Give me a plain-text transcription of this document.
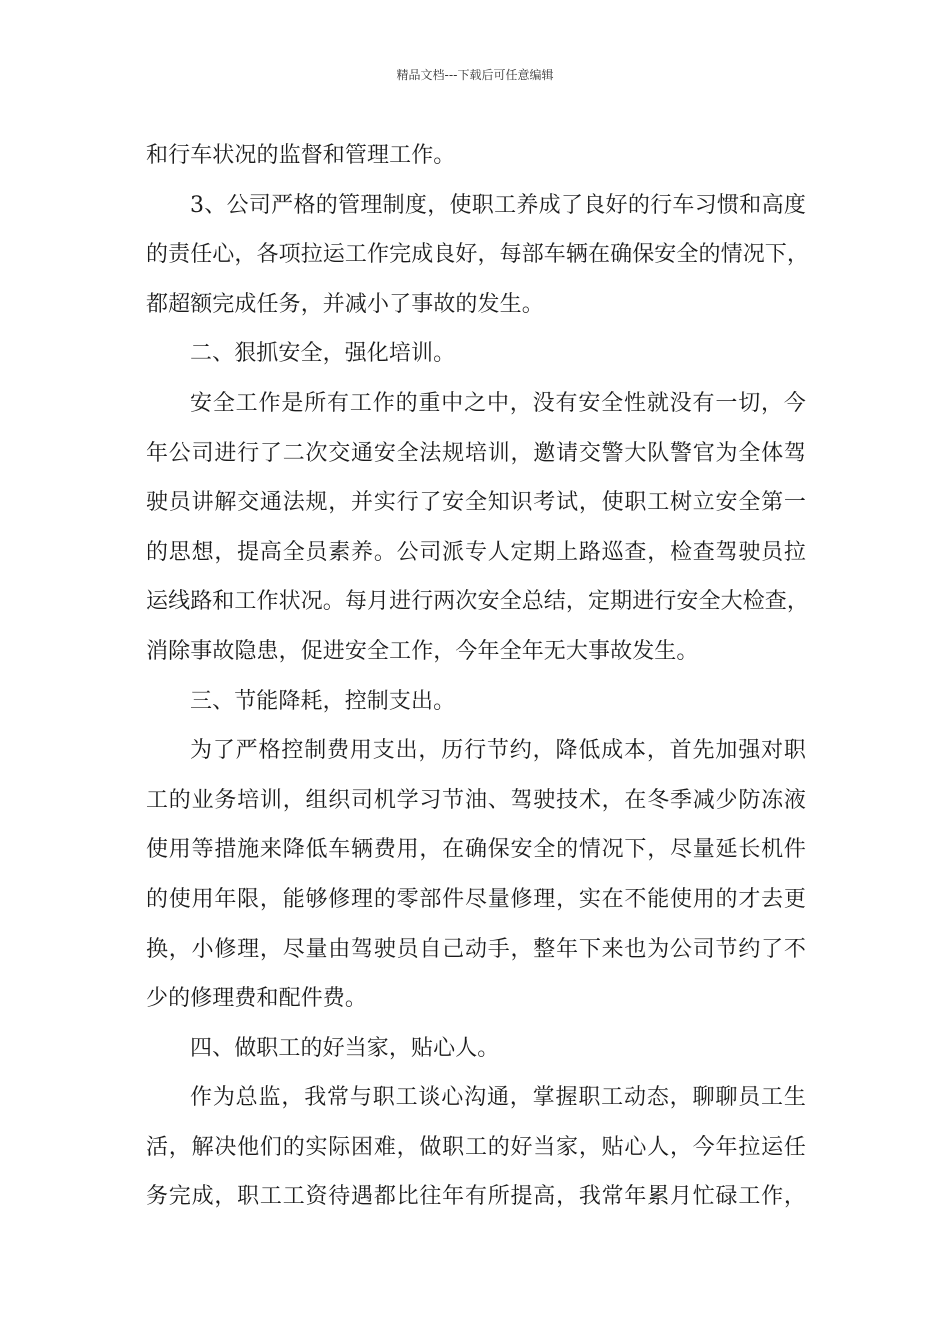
精品文档---下载后可任意编辑
和行车状况的监督和管理工作。
3、公司严格的管理制度，使职工养成了良好的行车习惯和高度
的责任心，各项拉运工作完成良好，每部车辆在确保安全的情况下，
都超额完成任务，并减小了事故的发生。
二、狠抓安全，强化培训。
安全工作是所有工作的重中之中，没有安全性就没有一切，今
年公司进行了二次交通安全法规培训，邀请交警大队警官为全体驾
驶员讲解交通法规，并实行了安全知识考试，使职工树立安全第一
的思想，提高全员素养。公司派专人定期上路巡查，检查驾驶员拉
运线路和工作状况。每月进行两次安全总结，定期进行安全大检查，
消除事故隐患，促进安全工作，今年全年无大事故发生。
三、节能降耗，控制支出。
为了严格控制费用支出，历行节约，降低成本，首先加强对职
工的业务培训，组织司机学习节油、驾驶技术，在冬季减少防冻液
使用等措施来降低车辆费用，在确保安全的情况下，尽量延长机件
的使用年限，能够修理的零部件尽量修理，实在不能使用的才去更
换，小修理，尽量由驾驶员自己动手，整年下来也为公司节约了不
少的修理费和配件费。
四、做职工的好当家，贴心人。
作为总监，我常与职工谈心沟通，掌握职工动态，聊聊员工生
活，解决他们的实际困难，做职工的好当家，贴心人，今年拉运任
务完成，职工工资待遇都比往年有所提高，我常年累月忙碌工作，
